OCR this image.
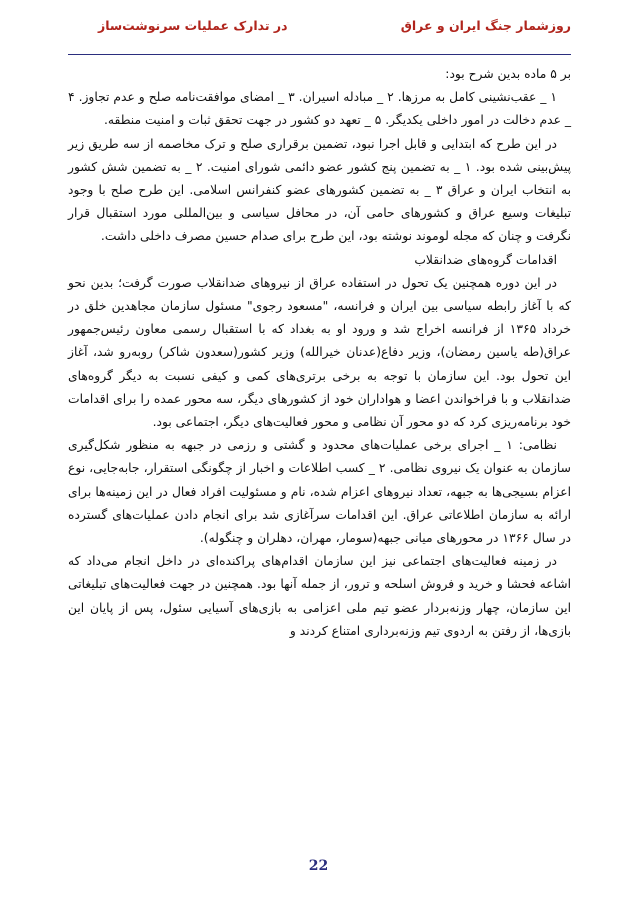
روزشمار جنگ ایران و عراق
در تدارک عملیات سرنوشت‌ساز

بر ۵ ماده بدین شرح بود:

۱ _ عقب‌نشینی کامل به مرزها. ۲ _ مبادله اسیران. ۳ _ امضای موافقت‌نامه صلح و عدم تجاوز. ۴ _ عدم دخالت در امور داخلی یکدیگر. ۵ _ تعهد دو کشور در جهت تحقق ثبات و امنیت منطقه.

در این طرح که ابتدایی و قابل اجرا نبود، تضمین برقراری صلح و ترک مخاصمه از سه طریق زیر پیش‌بینی شده بود. ۱ _ به تضمین پنج کشور عضو دائمی شورای امنیت. ۲ _ به تضمین شش کشور به انتخاب ایران و عراق ۳ _ به تضمین کشورهای عضو کنفرانس اسلامی. این طرح صلح با وجود تبلیغات وسیع عراق و کشورهای حامی آن، در محافل سیاسی و بین‌المللی مورد استقبال قرار نگرفت و چنان که مجله لوموند نوشته بود، این طرح برای صدام حسین مصرف داخلی داشت.

اقدامات گروه‌های ضدانقلاب

در این دوره همچنین یک تحول در استفاده عراق از نیروهای ضدانقلاب صورت گرفت؛ بدین نحو که با آغاز رابطه سیاسی بین ایران و فرانسه، "مسعود رجوی" مسئول سازمان مجاهدین خلق در خرداد ۱۳۶۵ از فرانسه اخراج شد و ورود او به بغداد که با استقبال رسمی معاون رئیس‌جمهور عراق(طه یاسین رمضان)، وزیر دفاع(عدنان خیرالله) وزیر کشور(سعدون شاکر) روبه‌رو شد، آغاز این تحول بود. این سازمان با توجه به برخی برتری‌های کمی و کیفی نسبت به دیگر گروه‌های ضدانقلاب و با فراخواندن اعضا و هواداران خود از کشورهای دیگر، سه محور عمده را برای اقدامات خود برنامه‌ریزی کرد که دو محور آن نظامی و محور فعالیت‌های دیگر، اجتماعی بود.

نظامی: ۱ _ اجرای برخی عملیات‌های محدود و گشتی و رزمی در جبهه به منظور شکل‌گیری سازمان به عنوان یک نیروی نظامی. ۲ _ کسب اطلاعات و اخبار از چگونگی استقرار، جابه‌جایی، نوع اعزام بسیجی‌ها به جبهه، تعداد نیروهای اعزام شده، نام و مسئولیت افراد فعال در این زمینه‌ها برای ارائه به سازمان اطلاعاتی عراق. این اقدامات سرآغازی شد برای انجام دادن عملیات‌های گسترده در سال ۱۳۶۶ در محورهای میانی جبهه(سومار، مهران، دهلران و چنگوله).

در زمینه فعالیت‌های اجتماعی نیز این سازمان اقدام‌های پراکنده‌ای در داخل انجام می‌داد که اشاعه فحشا و خرید و فروش اسلحه و ترور، از جمله آنها بود. همچنین در جهت فعالیت‌های تبلیغاتی این سازمان، چهار وزنه‌بردار عضو تیم ملی اعزامی به بازی‌های آسیایی سئول، پس از پایان این بازی‌ها، از رفتن به اردوی تیم وزنه‌برداری امتناع کردند و

22
